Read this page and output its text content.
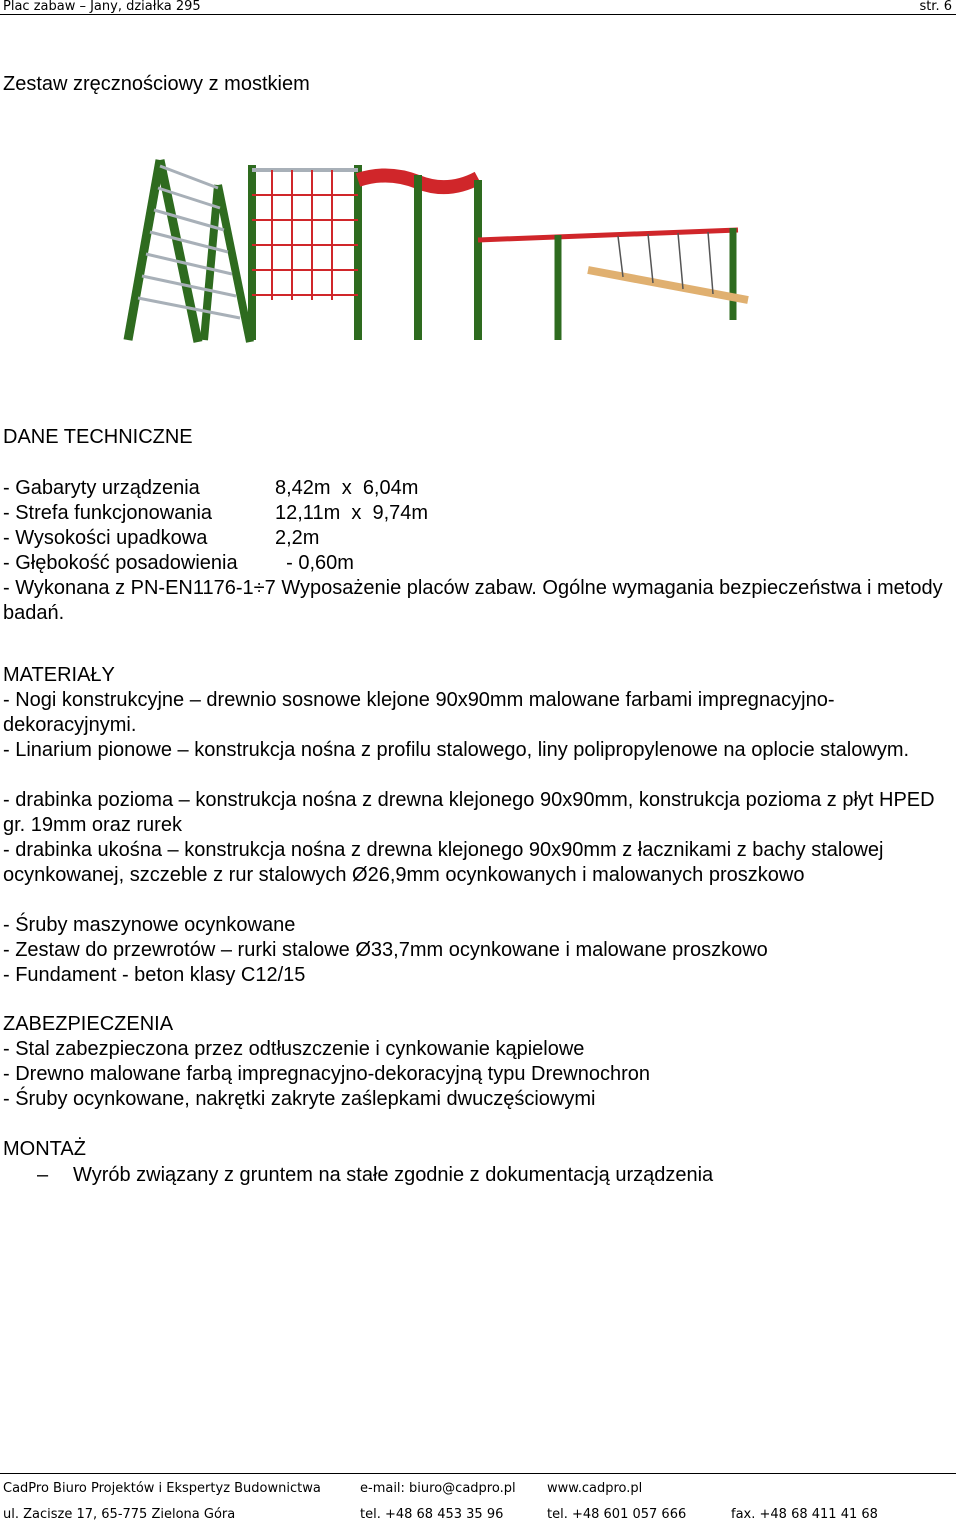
Plac zabaw – Jany, działka 295	str. 6
Zestaw zręcznościowy z mostkiem
DANE TECHNICZNE
- Gabaryty urządzenia	8,42m  x  6,04m
- Strefa funkcjonowania	12,11m  x  9,74m
- Wysokości upadkowa	2,2m
- Głębokość posadowienia  - 0,60m
- Wykonana z PN-EN1176-1÷7 Wyposażenie placów zabaw. Ogólne wymagania bezpieczeństwa i metody badań.
MATERIAŁY
- Nogi konstrukcyjne – drewnio sosnowe klejone 90x90mm malowane farbami impregnacyjno-dekoracyjnymi.
- Linarium pionowe – konstrukcja nośna z profilu stalowego, liny polipropylenowe na oplocie stalowym.
- drabinka pozioma – konstrukcja nośna z drewna klejonego 90x90mm, konstrukcja pozioma z płyt HPED gr. 19mm oraz rurek
- drabinka ukośna – konstrukcja nośna z drewna klejonego 90x90mm z łacznikami z bachy stalowej ocynkowanej, szczeble z rur stalowych Ø26,9mm ocynkowanych i malowanych proszkowo
- Śruby maszynowe ocynkowane
- Zestaw do przewrotów – rurki stalowe Ø33,7mm ocynkowane i malowane proszkowo
- Fundament - beton klasy C12/15
ZABEZPIECZENIA
- Stal zabezpieczona przez odtłuszczenie i cynkowanie kąpielowe
- Drewno malowane farbą impregnacyjno-dekoracyjną typu Drewnochron
- Śruby ocynkowane, nakrętki zakryte zaślepkami dwuczęściowymi
MONTAŻ
– Wyrób związany z gruntem na stałe zgodnie z dokumentacją urządzenia
CadPro Biuro Projektów i Ekspertyz Budownictwa	e-mail: biuro@cadpro.pl www.cadpro.pl
ul. Zacisze 17, 65-775 Zielona Góra	tel. +48 68 453 35 96	tel. +48 601 057 666	fax. +48 68 411 41 68
